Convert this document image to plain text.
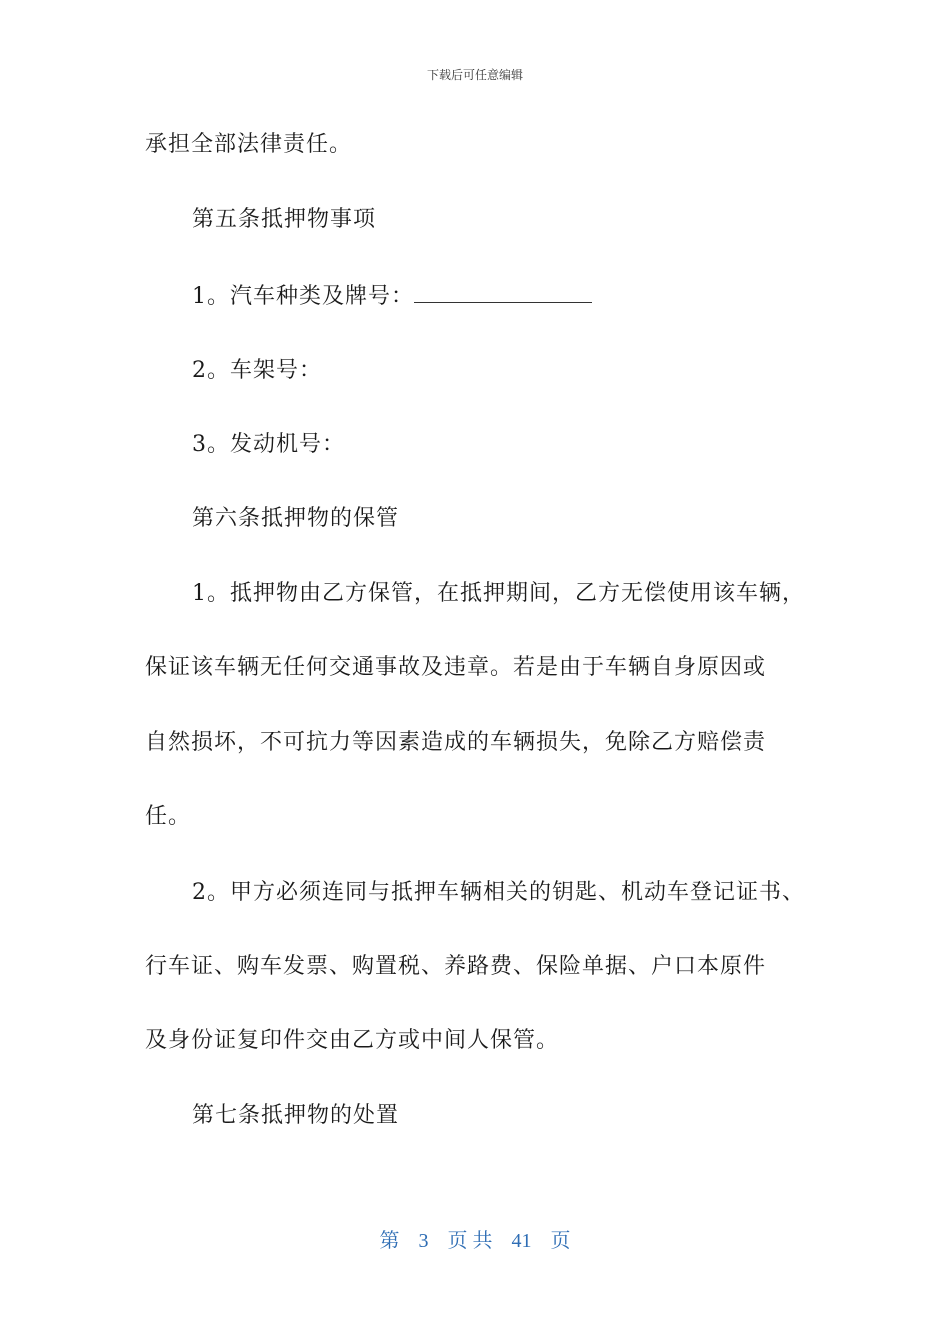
下载后可任意编辑
承担全部法律责任。
第五条抵押物事项
1。汽车种类及牌号：
2。车架号：
3。发动机号：
第六条抵押物的保管
1。抵押物由乙方保管，在抵押期间，乙方无偿使用该车辆，
保证该车辆无任何交通事故及违章。若是由于车辆自身原因或
自然损坏，不可抗力等因素造成的车辆损失，免除乙方赔偿责
任。
2。甲方必须连同与抵押车辆相关的钥匙、机动车登记证书、
行车证、购车发票、购置税、养路费、保险单据、户口本原件
及身份证复印件交由乙方或中间人保管。
第七条抵押物的处置
第 3 页 共 41 页
